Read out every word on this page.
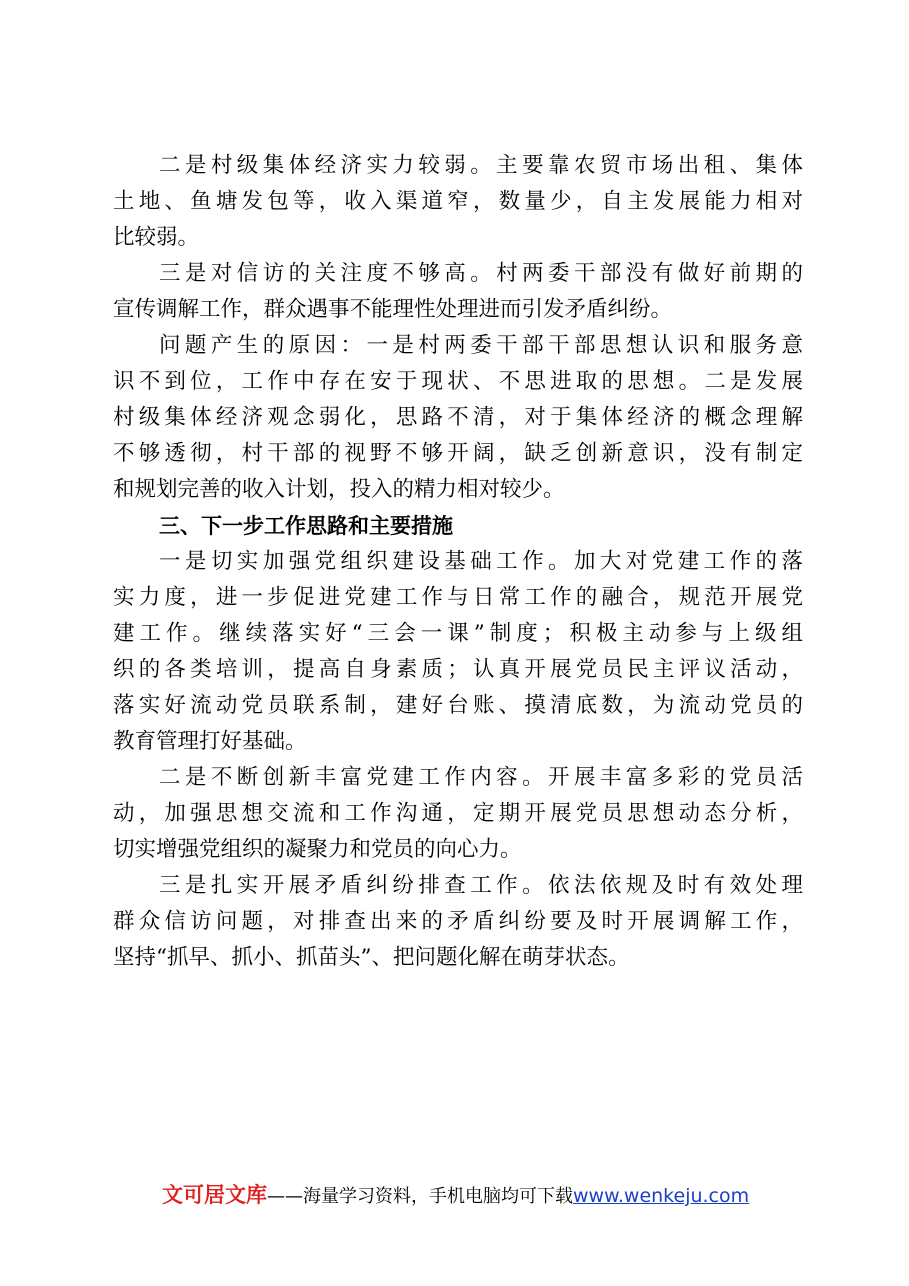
二是村级集体经济实力较弱。主要靠农贸市场出租、集体
土地、鱼塘发包等，收入渠道窄，数量少，自主发展能力相对
比较弱。
三是对信访的关注度不够高。村两委干部没有做好前期的
宣传调解工作，群众遇事不能理性处理进而引发矛盾纠纷。
问题产生的原因：一是村两委干部干部思想认识和服务意
识不到位，工作中存在安于现状、不思进取的思想。二是发展
村级集体经济观念弱化，思路不清，对于集体经济的概念理解
不够透彻，村干部的视野不够开阔，缺乏创新意识，没有制定
和规划完善的收入计划，投入的精力相对较少。
三、下一步工作思路和主要措施
一是切实加强党组织建设基础工作。加大对党建工作的落
实力度，进一步促进党建工作与日常工作的融合，规范开展党
建工作。继续落实好“三会一课”制度；积极主动参与上级组
织的各类培训，提高自身素质；认真开展党员民主评议活动，
落实好流动党员联系制，建好台账、摸清底数，为流动党员的
教育管理打好基础。
二是不断创新丰富党建工作内容。开展丰富多彩的党员活
动，加强思想交流和工作沟通，定期开展党员思想动态分析，
切实增强党组织的凝聚力和党员的向心力。
三是扎实开展矛盾纠纷排查工作。依法依规及时有效处理
群众信访问题，对排查出来的矛盾纠纷要及时开展调解工作，
坚持“抓早、抓小、抓苗头”、把问题化解在萌芽状态。
文可居文库——海量学习资料，手机电脑均可下载www.wenkeju.com
